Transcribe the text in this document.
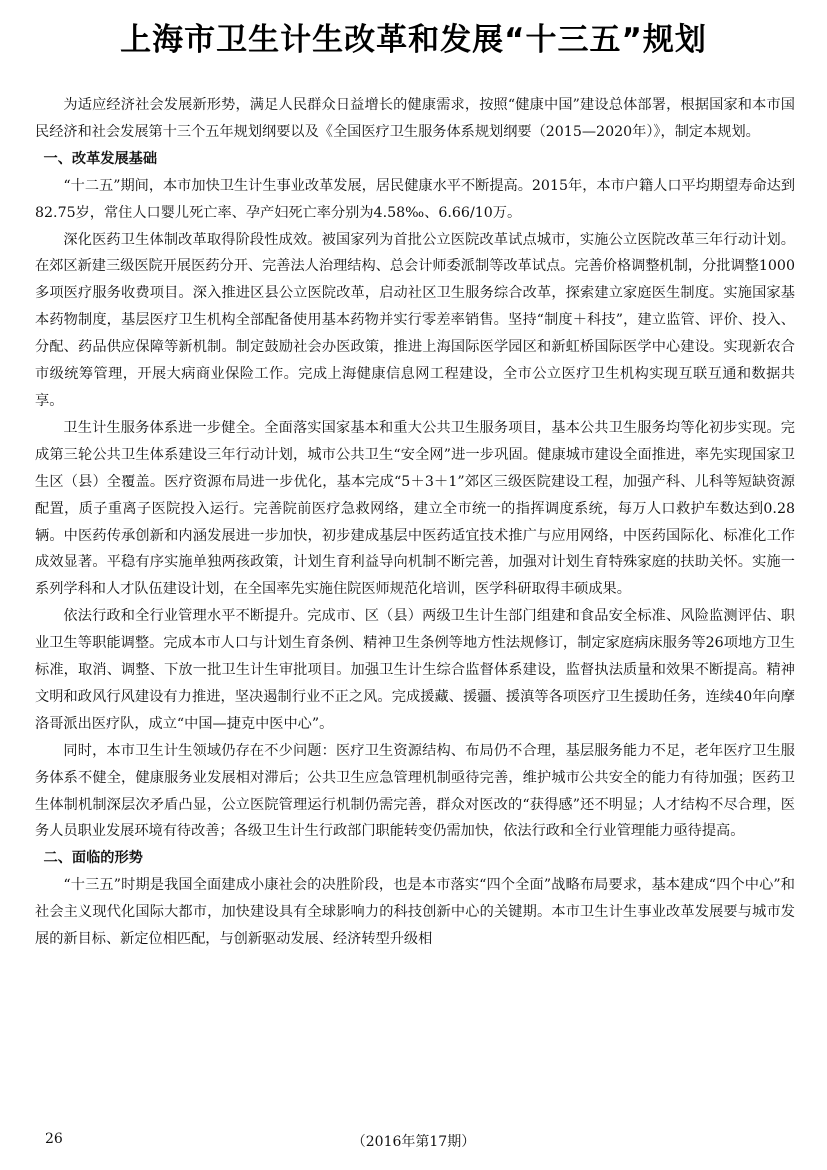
上海市卫生计生改革和发展“十三五”规划

为适应经济社会发展新形势，满足人民群众日益增长的健康需求，按照“健康中国”建设总体部署，根据国家和本市国民经济和社会发展第十三个五年规划纲要以及《全国医疗卫生服务体系规划纲要（2015—2020年）》，制定本规划。

一、改革发展基础

“十二五”期间，本市加快卫生计生事业改革发展，居民健康水平不断提高。2015年，本市户籍人口平均期望寿命达到82.75岁，常住人口婴儿死亡率、孕产妇死亡率分别为4.58‰、6.66/10万。

深化医药卫生体制改革取得阶段性成效。被国家列为首批公立医院改革试点城市，实施公立医院改革三年行动计划。在郊区新建三级医院开展医药分开、完善法人治理结构、总会计师委派制等改革试点。完善价格调整机制，分批调整1000多项医疗服务收费项目。深入推进区县公立医院改革，启动社区卫生服务综合改革，探索建立家庭医生制度。实施国家基本药物制度，基层医疗卫生机构全部配备使用基本药物并实行零差率销售。坚持“制度＋科技”，建立监管、评价、投入、分配、药品供应保障等新机制。制定鼓励社会办医政策，推进上海国际医学园区和新虹桥国际医学中心建设。实现新农合市级统筹管理，开展大病商业保险工作。完成上海健康信息网工程建设，全市公立医疗卫生机构实现互联互通和数据共享。

卫生计生服务体系进一步健全。全面落实国家基本和重大公共卫生服务项目，基本公共卫生服务均等化初步实现。完成第三轮公共卫生体系建设三年行动计划，城市公共卫生“安全网”进一步巩固。健康城市建设全面推进，率先实现国家卫生区（县）全覆盖。医疗资源布局进一步优化，基本完成“5＋3＋1”郊区三级医院建设工程，加强产科、儿科等短缺资源配置，质子重离子医院投入运行。完善院前医疗急救网络，建立全市统一的指挥调度系统，每万人口救护车数达到0.28辆。中医药传承创新和内涵发展进一步加快，初步建成基层中医药适宜技术推广与应用网络，中医药国际化、标准化工作成效显著。平稳有序实施单独两孩政策，计划生育利益导向机制不断完善，加强对计划生育特殊家庭的扶助关怀。实施一系列学科和人才队伍建设计划，在全国率先实施住院医师规范化培训，医学科研取得丰硕成果。

依法行政和全行业管理水平不断提升。完成市、区（县）两级卫生计生部门组建和食品安全标准、风险监测评估、职业卫生等职能调整。完成本市人口与计划生育条例、精神卫生条例等地方性法规修订，制定家庭病床服务等26项地方卫生标准，取消、调整、下放一批卫生计生审批项目。加强卫生计生综合监督体系建设，监督执法质量和效果不断提高。精神文明和政风行风建设有力推进，坚决遏制行业不正之风。完成援藏、援疆、援滇等各项医疗卫生援助任务，连续40年向摩洛哥派出医疗队，成立“中国—捷克中医中心”。

同时，本市卫生计生领域仍存在不少问题：医疗卫生资源结构、布局仍不合理，基层服务能力不足，老年医疗卫生服务体系不健全，健康服务业发展相对滞后；公共卫生应急管理机制亟待完善，维护城市公共安全的能力有待加强；医药卫生体制机制深层次矛盾凸显，公立医院管理运行机制仍需完善，群众对医改的“获得感”还不明显；人才结构不尽合理，医务人员职业发展环境有待改善；各级卫生计生行政部门职能转变仍需加快，依法行政和全行业管理能力亟待提高。

二、面临的形势

“十三五”时期是我国全面建成小康社会的决胜阶段，也是本市落实“四个全面”战略布局要求，基本建成“四个中心”和社会主义现代化国际大都市，加快建设具有全球影响力的科技创新中心的关键期。本市卫生计生事业改革发展要与城市发展的新目标、新定位相匹配，与创新驱动发展、经济转型升级相

26	（2016年第17期）
